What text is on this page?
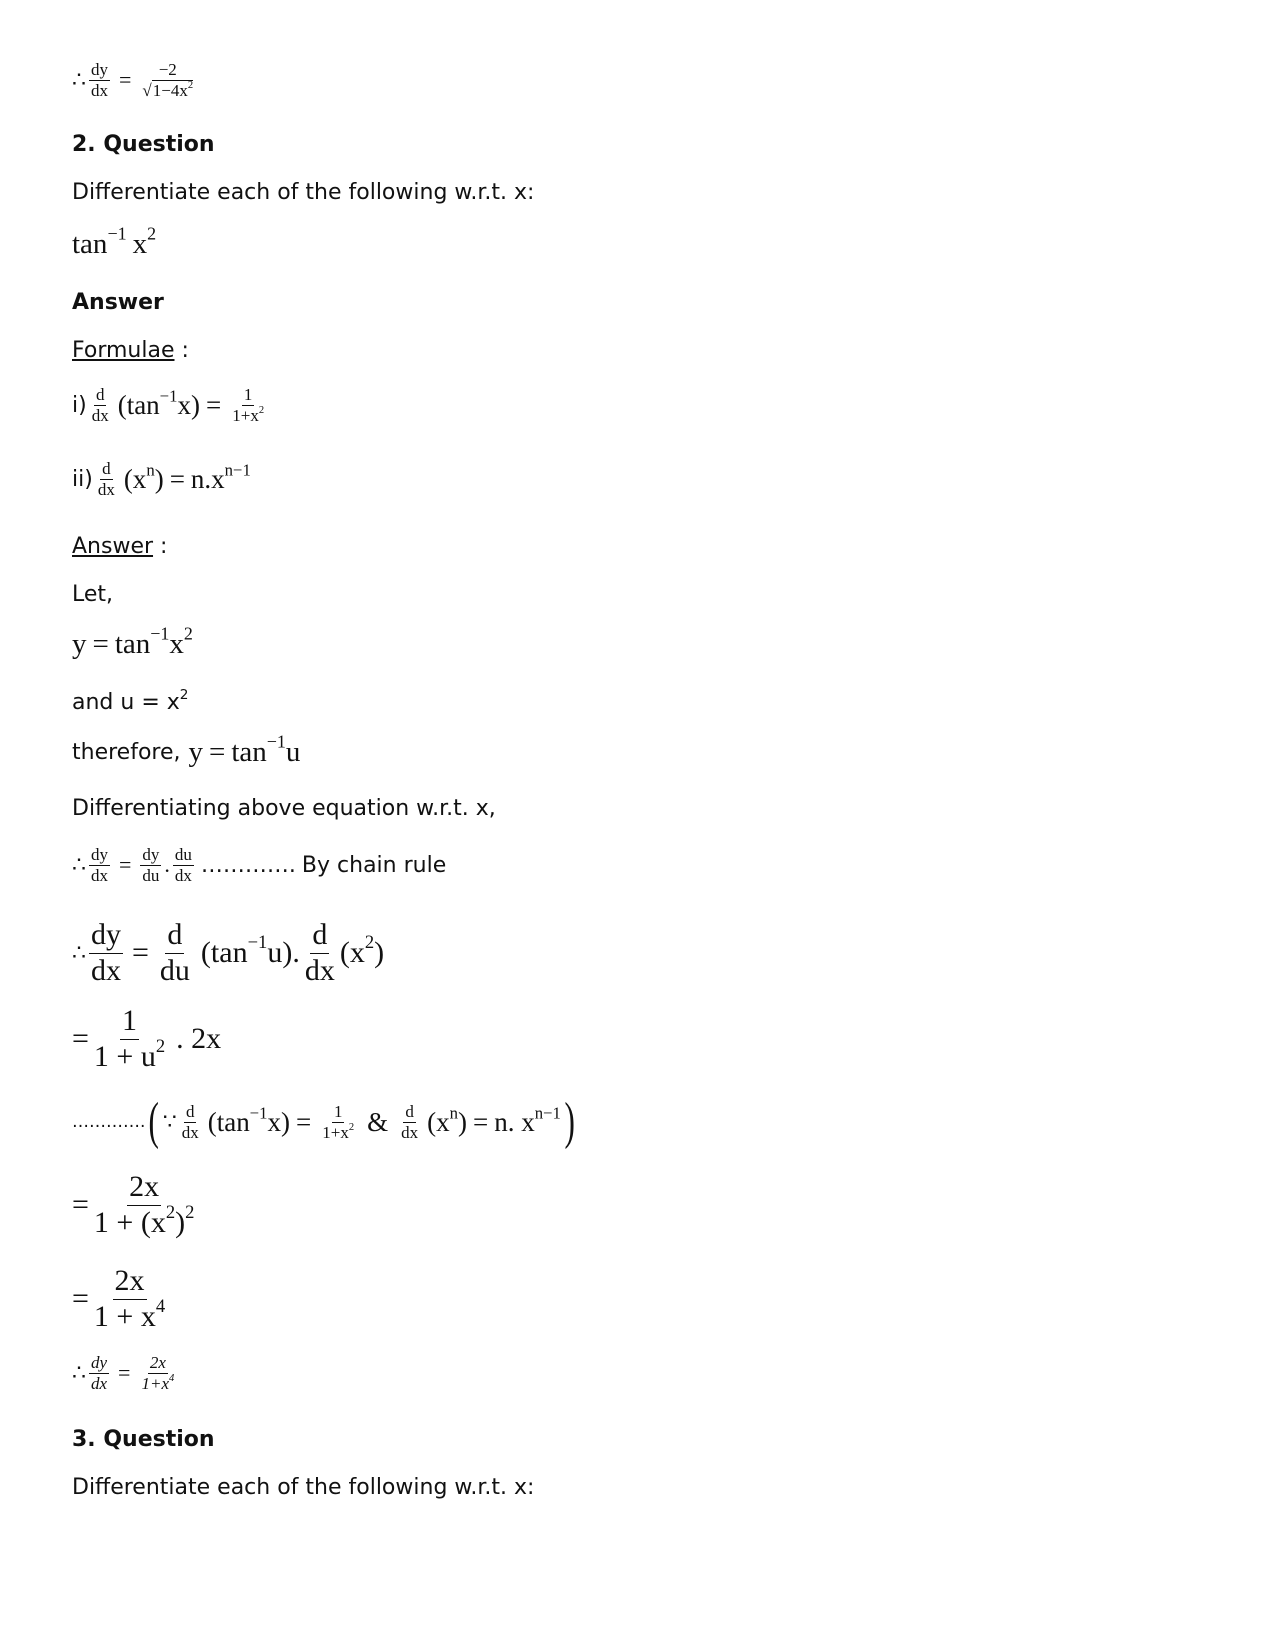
∴ $\frac{dy}{dx} = \frac{-2}{√1-4x^2}$
2. Question
Differentiate each of the following w.r.t. x:
$\tan^{-1} x^2$
Answer
Formulae :
$i) \frac{d}{dx} (\tan^{-1}x) = \frac{1}{1+x^2}$
$ii) \frac{d}{dx} (x^n) = n.x^{n-1}$
Answer :
Let,
$y = \tan^{-1}x^2$
and $u = x^2$
therefore, $y = \tan^{-1}u$
Differentiating above equation w.r.t. x,
∴ $\frac{dy}{dx} = \frac{dy}{du}$ . $\frac{du}{dx}$ …………. By chain rule
∴ $\frac{dy}{dx} = \frac{d}{du} (\tan^{-1}u)$. $\frac{d}{dx} (x^2)$
= $\frac{1}{1 + u^2}$ . 2x
…………. ( ∵ $\frac{d}{dx} (\tan^{-1}x) = \frac{1}{1+x^2}$ & $\frac{d}{dx} (x^n) = n$. $x^{n-1}$ )
= $\frac{2x}{1 + (x^2)^2}$
= $\frac{2x}{1 + x^4}$
∴ $\frac{dy}{dx} = \frac{2x}{1+x^4}$
3. Question
Differentiate each of the following w.r.t. x:
